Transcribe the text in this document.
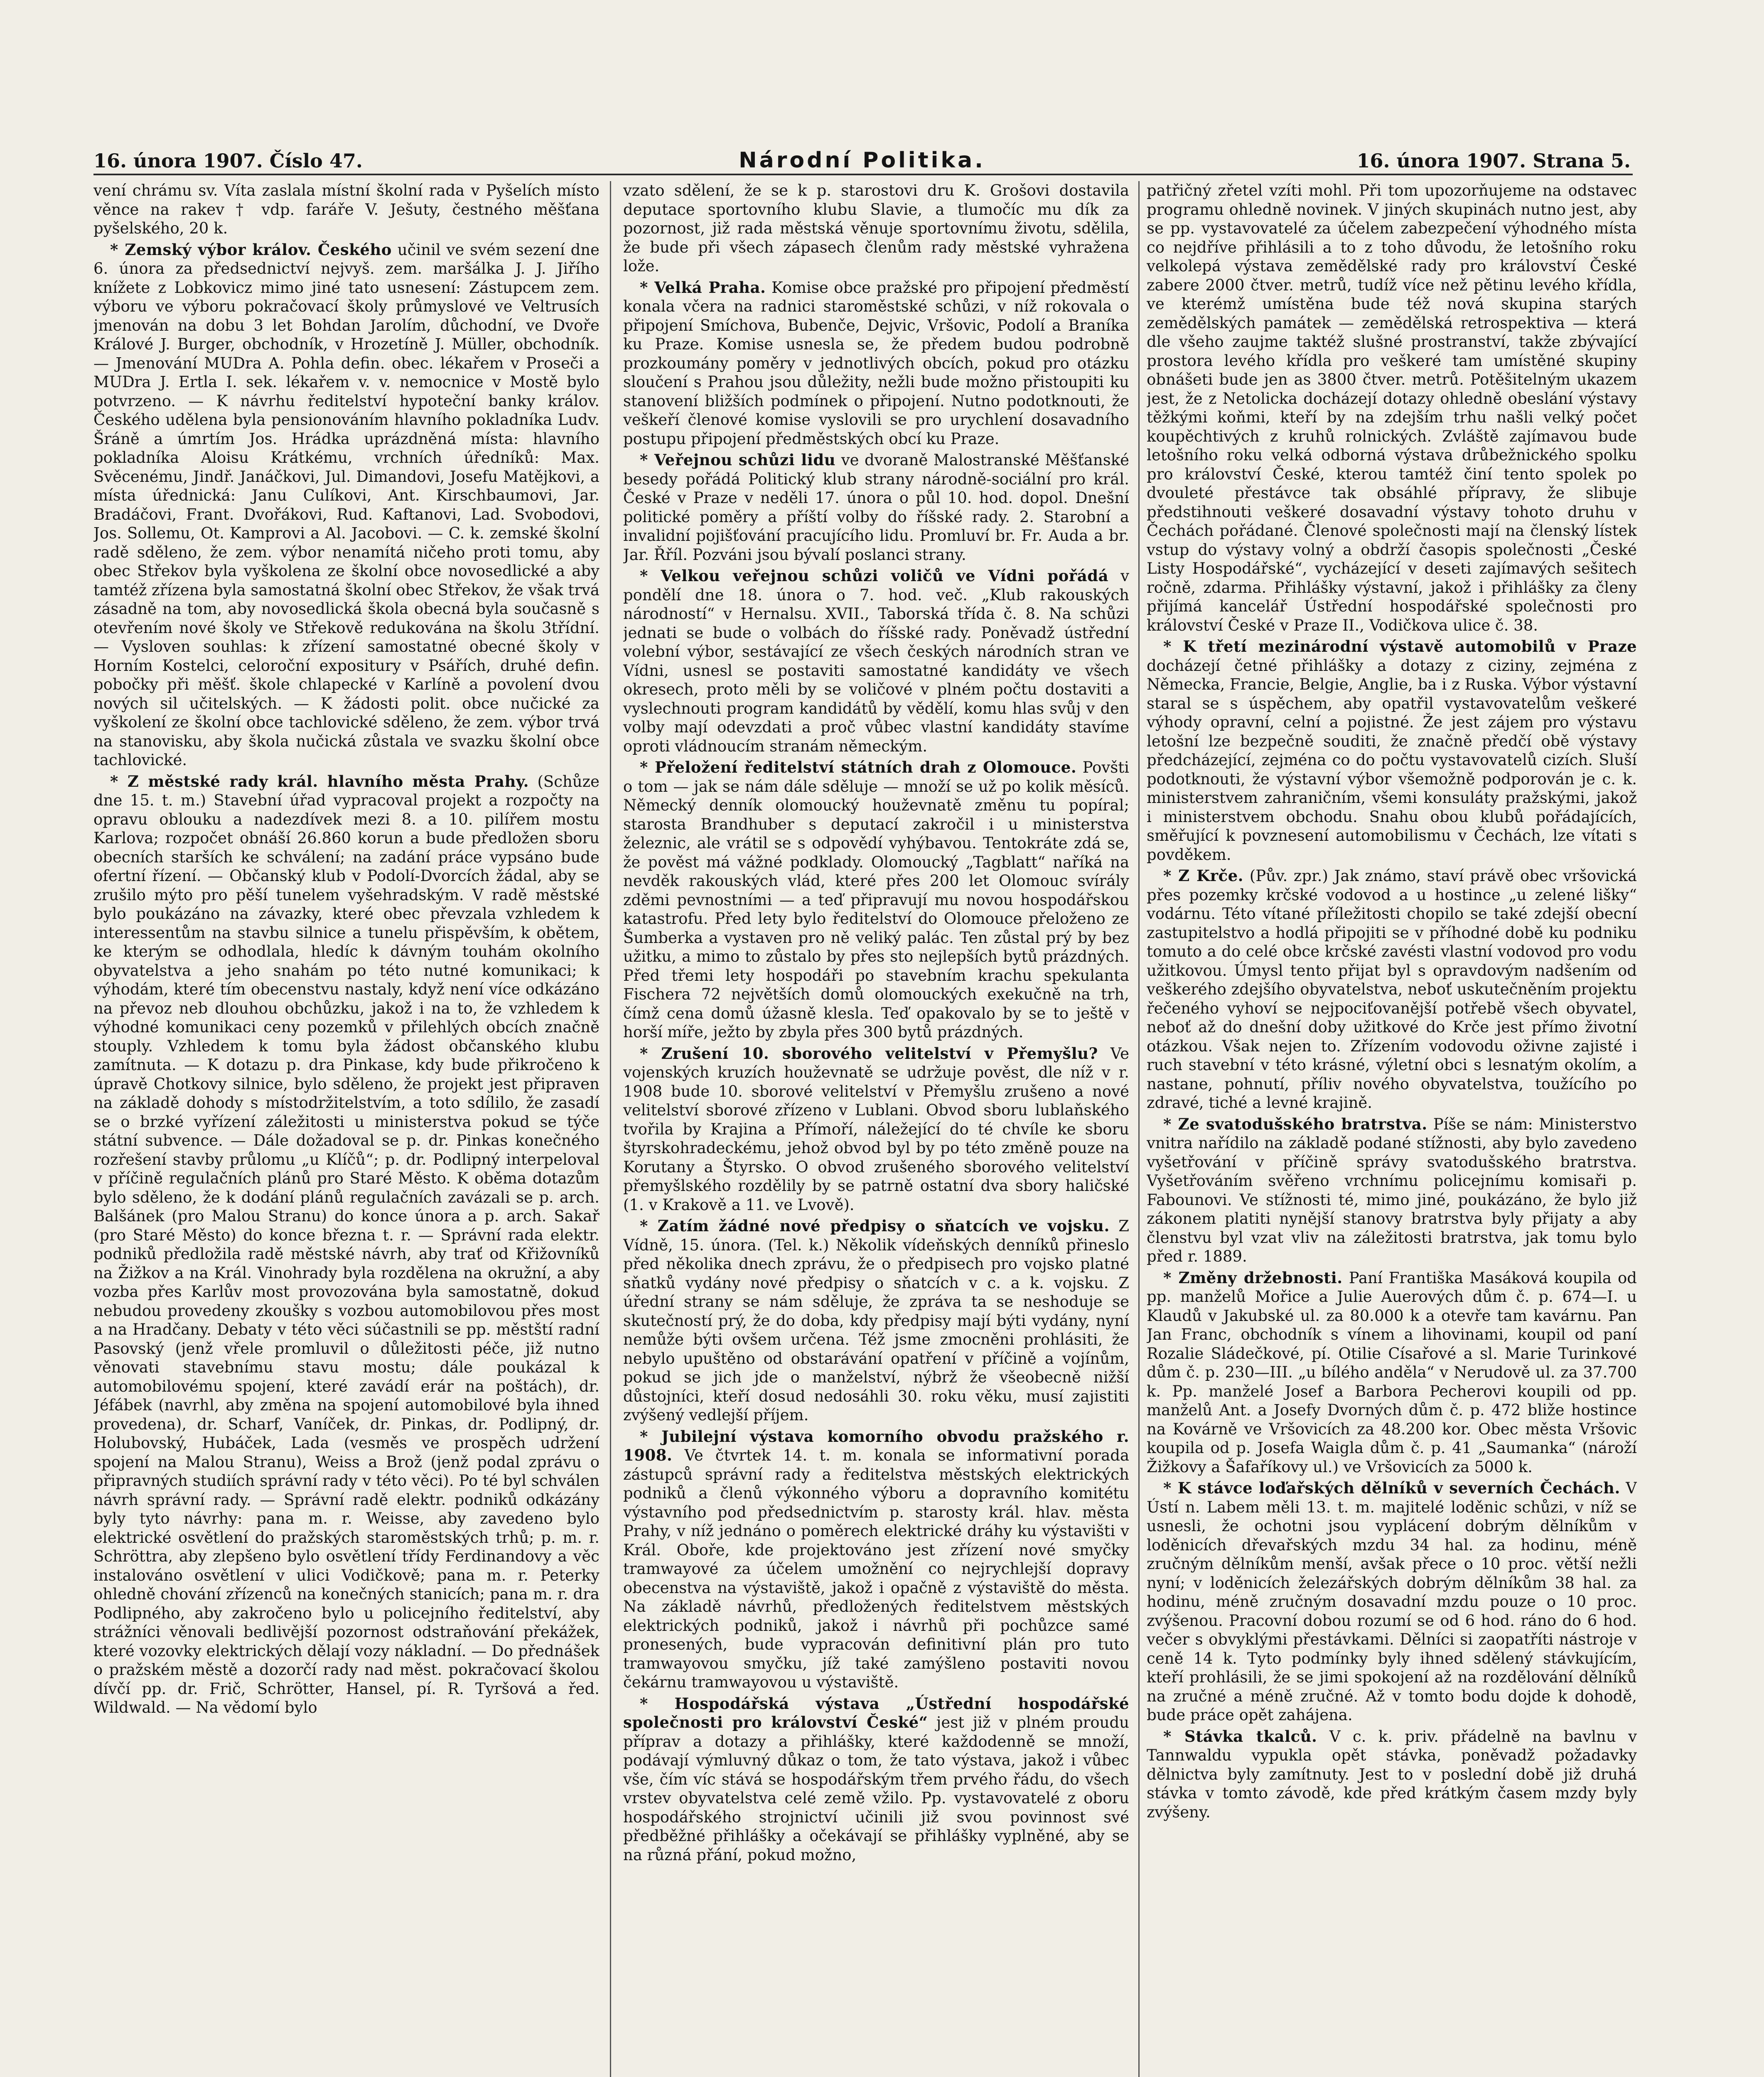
16. února 1907. Číslo 47.	Národní Politika.	16. února 1907. Strana 5.

vení chrámu sv. Víta zaslala místní školní rada v Pyšelích místo věnce na rakev † vdp. faráře V. Ješuty, čestného měšťana pyšelského, 20 k.

* Zemský výbor králov. Českého učinil ve svém sezení dne 6. února za předsednictví nejvyš. zem. maršálka J. J. Jiřího knížete z Lobkovicz mimo jiné tato usnesení: Zástupcem zem. výboru ve výboru pokračovací školy průmyslové ve Veltrusích jmenován na dobu 3 let Bohdan Jarolím, důchodní, ve Dvoře Králové J. Burger, obchodník, v Hrozetíně J. Müller, obchodník. — Jmenování MUDra A. Pohla defin. obec. lékařem v Proseči a MUDra J. Ertla I. sek. lékařem v. v. nemocnice v Mostě bylo potvrzeno. — K návrhu ředitelství hypoteční banky králov. Českého udělena byla pensionováním hlavního pokladníka Ludv. Šráně a úmrtím Jos. Hrádka uprázdněná místa: hlavního pokladníka Aloisu Krátkému, vrchních úředníků: Max. Svěcenému, Jindř. Janáčkovi, Jul. Dimandovi, Josefu Matějkovi, a místa úřednická: Janu Culíkovi, Ant. Kirschbaumovi, Jar. Bradáčovi, Frant. Dvořákovi, Rud. Kaftanovi, Lad. Svobodovi, Jos. Sollemu, Ot. Kamprovi a Al. Jacobovi. — C. k. zemské školní radě sděleno, že zem. výbor nenamítá ničeho proti tomu, aby obec Střekov byla vyškolena ze školní obce novosedlické a aby tamtéž zřízena byla samostatná školní obec Střekov, že však trvá zásadně na tom, aby novosedlická škola obecná byla současně s otevřením nové školy ve Střekově redukována na školu 3třídní. — Vysloven souhlas: k zřízení samostatné obecné školy v Horním Kostelci, celoroční expositury v Psářích, druhé defin. pobočky při měšť. škole chlapecké v Karlíně a povolení dvou nových sil učitelských. — K žádosti polit. obce nučické za vyškolení ze školní obce tachlovické sděleno, že zem. výbor trvá na stanovisku, aby škola nučická zůstala ve svazku školní obce tachlovické.

* Z městské rady král. hlavního města Prahy. (Schůze dne 15. t. m.) Stavební úřad vypracoval projekt a rozpočty na opravu oblouku a nadezdívek mezi 8. a 10. pilířem mostu Karlova; rozpočet obnáší 26.860 korun a bude předložen sboru obecních starších ke schválení; na zadání práce vypsáno bude ofertní řízení. — Občanský klub v Podolí-Dvorcích žádal, aby se zrušilo mýto pro pěší tunelem vyšehradským. V radě městské bylo poukázáno na závazky, které obec převzala vzhledem k interessentům na stavbu silnice a tunelu přispěvším, k obětem, ke kterým se odhodlala, hledíc k dávným touhám okolního obyvatelstva a jeho snahám po této nutné komunikaci; k výhodám, které tím obecenstvu nastaly, když není více odkázáno na převoz neb dlouhou obchůzku, jakož i na to, že vzhledem k výhodné komunikaci ceny pozemků v přilehlých obcích značně stouply. Vzhledem k tomu byla žádost občanského klubu zamítnuta. — K dotazu p. dra Pinkase, kdy bude přikročeno k úpravě Chotkovy silnice, bylo sděleno, že projekt jest připraven na základě dohody s místodržitelstvím, a toto sdílilo, že zasadí se o brzké vyřízení záležitosti u ministerstva pokud se týče státní subvence. — Dále dožadoval se p. dr. Pinkas konečného rozřešení stavby průlomu „u Klíčů“; p. dr. Podlipný interpeloval v příčině regulačních plánů pro Staré Město. K oběma dotazům bylo sděleno, že k dodání plánů regulačních zavázali se p. arch. Balšánek (pro Malou Stranu) do konce února a p. arch. Sakař (pro Staré Město) do konce března t. r. — Správní rada elektr. podniků předložila radě městské návrh, aby trať od Křižovníků na Žižkov a na Král. Vinohrady byla rozdělena na okružní, a aby vozba přes Karlův most provozována byla samostatně, dokud nebudou provedeny zkoušky s vozbou automobilovou přes most a na Hradčany. Debaty v této věci súčastnili se pp. městští radní Pasovský (jenž vřele promluvil o důležitosti péče, již nutno věnovati stavebnímu stavu mostu; dále poukázal k automobilovému spojení, které zavádí erár na poštách), dr. Jéfábek (navrhl, aby změna na spojení automobilové byla ihned provedena), dr. Scharf, Vaníček, dr. Pinkas, dr. Podlipný, dr. Holubovský, Hubáček, Lada (vesměs ve prospěch udržení spojení na Malou Stranu), Weiss a Brož (jenž podal zprávu o připravných studiích správní rady v této věci). Po té byl schválen návrh správní rady. — Správní radě elektr. podniků odkázány byly tyto návrhy: pana m. r. Weisse, aby zavedeno bylo elektrické osvětlení do pražských staroměstských trhů; p. m. r. Schröttra, aby zlepšeno bylo osvětlení třídy Ferdinandovy a věc instalováno osvětlení v ulici Vodičkově; pana m. r. Peterky ohledně chování zřízenců na konečných stanicích; pana m. r. dra Podlipného, aby zakročeno bylo u policejního ředitelství, aby strážníci věnovali bedlivější pozornost odstraňování překážek, které vozovky elektrických dělají vozy nákladní. — Do přednášek o pražském městě a dozorčí rady nad měst. pokračovací školou dívčí pp. dr. Frič, Schrötter, Hansel, pí. R. Tyršová a řed. Wildwald. — Na vědomí bylo

vzato sdělení, že se k p. starostovi dru K. Grošovi dostavila deputace sportovního klubu Slavie, a tlumočíc mu dík za pozornost, již rada městská věnuje sportovnímu životu, sdělila, že bude při všech zápasech členům rady městské vyhražena lože.

* Velká Praha. Komise obce pražské pro připojení předměstí konala včera na radnici staroměstské schůzi, v níž rokovala o připojení Smíchova, Bubenče, Dejvic, Vršovic, Podolí a Braníka ku Praze. Komise usnesla se, že předem budou podrobně prozkoumány poměry v jednotlivých obcích, pokud pro otázku sloučení s Prahou jsou důležity, nežli bude možno přistoupiti ku stanovení bližších podmínek o připojení. Nutno podotknouti, že veškeří členové komise vyslovili se pro urychlení dosavadního postupu připojení předměstských obcí ku Praze.

* Veřejnou schůzi lidu ve dvoraně Malostranské Měšťanské besedy pořádá Politický klub strany národně-sociální pro král. České v Praze v neděli 17. února o půl 10. hod. dopol. Dnešní politické poměry a příští volby do říšské rady. 2. Starobní a invalidní pojišťování pracujícího lidu. Promluví br. Fr. Auda a br. Jar. Řříl. Pozváni jsou bývalí poslanci strany.

* Velkou veřejnou schůzi voličů ve Vídni pořádá v pondělí dne 18. února o 7. hod. več. „Klub rakouských národností“ v Hernalsu. XVII., Taborská třída č. 8. Na schůzi jednati se bude o volbách do říšské rady. Poněvadž ústřední volební výbor, sestávající ze všech českých národních stran ve Vídni, usnesl se postaviti samostatné kandidáty ve všech okresech, proto měli by se voličové v plném počtu dostaviti a vyslechnouti program kandidátů by vědělí, komu hlas svůj v den volby mají odevzdati a proč vůbec vlastní kandidáty stavíme oproti vládnoucím stranám německým.

* Přeložení ředitelství státních drah z Olomouce. Povšti o tom — jak se nám dále sděluje — množí se už po kolik měsíců. Německý denník olomoucký houževnatě změnu tu popíral; starosta Brandhuber s deputací zakročil i u ministerstva železnic, ale vrátil se s odpovědí vyhýbavou. Tentokráte zdá se, že pověst má vážné podklady. Olomoucký „Tagblatt“ naříká na nevděk rakouských vlád, které přes 200 let Olomouc svírály zděmi pevnostními — a teď připravují mu novou hospodářskou katastrofu. Před lety bylo ředitelství do Olomouce přeloženo ze Šumberka a vystaven pro ně veliký palác. Ten zůstal prý by bez užitku, a mimo to zůstalo by přes sto nejlepších bytů prázdných. Před třemi lety hospodáři po stavebním krachu spekulanta Fischera 72 největších domů olomouckých exekučně na trh, čímž cena domů úžasně klesla. Teď opakovalo by se to ještě v horší míře, ježto by zbyla přes 300 bytů prázdných.

* Zrušení 10. sborového velitelství v Přemyšlu? Ve vojenských kruzích houževnatě se udržuje pověst, dle níž v r. 1908 bude 10. sborové velitelství v Přemyšlu zrušeno a nové velitelství sborové zřízeno v Lublani. Obvod sboru lublaňského tvořila by Krajina a Přímoří, náležející do té chvíle ke sboru štyrskohradeckému, jehož obvod byl by po této změně pouze na Korutany a Štyrsko. O obvod zrušeného sborového velitelství přemyšlského rozdělily by se patrně ostatní dva sbory haličské (1. v Krakově a 11. ve Lvově).

* Zatím žádné nové předpisy o sňatcích ve vojsku. Z Vídně, 15. února. (Tel. k.) Několik vídeňských denníků přineslo před několika dnech zprávu, že o předpisech pro vojsko platné sňatků vydány nové předpisy o sňatcích v c. a k. vojsku. Z úřední strany se nám sděluje, že zpráva ta se neshoduje se skutečností prý, že do doba, kdy předpisy mají býti vydány, nyní nemůže býti ovšem určena. Též jsme zmocněni prohlásiti, že nebylo upuštěno od obstarávání opatření v příčině a vojínům, pokud se jich jde o manželství, nýbrž že všeobecně nižší důstojníci, kteří dosud nedosáhli 30. roku věku, musí zajistiti zvýšený vedlejší příjem.

* Jubilejní výstava komorního obvodu pražského r. 1908. Ve čtvrtek 14. t. m. konala se informativní porada zástupců správní rady a ředitelstva městských elektrických podniků a členů výkonného výboru a dopravního komitétu výstavního pod předsednictvím p. starosty král. hlav. města Prahy, v níž jednáno o poměrech elektrické dráhy ku výstavišti v Král. Oboře, kde projektováno jest zřízení nové smyčky tramwayové za účelem umožnění co nejrychlejší dopravy obecenstva na výstaviště, jakož i opačně z výstaviště do města. Na základě návrhů, předložených ředitelstvem městských elektrických podniků, jakož i návrhů při pochůzce samé pronesených, bude vypracován definitivní plán pro tuto tramwayovou smyčku, jíž také zamýšleno postaviti novou čekárnu tramwayovou u výstaviště.

* Hospodářská výstava „Ústřední hospodářské společnosti pro království České“ jest již v plném proudu příprav a dotazy a přihlášky, které každodenně se množí, podávají výmluvný důkaz o tom, že tato výstava, jakož i vůbec vše, čím víc stává se hospodářským třem prvého řádu, do všech vrstev obyvatelstva celé země vžilo. Pp. vystavovatelé z oboru hospodářského strojnictví učinili již svou povinnost své předběžné přihlášky a očekávají se přihlášky vyplněné, aby se na různá přání, pokud možno,

patřičný zřetel vzíti mohl. Při tom upozorňujeme na odstavec programu ohledně novinek. V jiných skupinách nutno jest, aby se pp. vystavovatelé za účelem zabezpečení výhodného místa co nejdříve přihlásili a to z toho důvodu, že letošního roku velkolepá výstava zemědělské rady pro království České zabere 2000 čtver. metrů, tudíž více než pětinu levého křídla, ve kterémž umístěna bude též nová skupina starých zemědělských památek — zemědělská retrospektiva — která dle všeho zaujme taktéž slušné prostranství, takže zbývající prostora levého křídla pro veškeré tam umístěné skupiny obnášeti bude jen as 3800 čtver. metrů. Potěšitelným ukazem jest, že z Netolicka docházejí dotazy ohledně obeslání výstavy těžkými koňmi, kteří by na zdejším trhu našli velký počet koupěchtivých z kruhů rolnických. Zvláště zajímavou bude letošního roku velká odborná výstava drůbežnického spolku pro království České, kterou tamtéž činí tento spolek po dvouleté přestávce tak obsáhlé přípravy, že slibuje předstihnouti veškeré dosavadní výstavy tohoto druhu v Čechách pořádané. Členové společnosti mají na členský lístek vstup do výstavy volný a obdrží časopis společnosti „České Listy Hospodářské“, vycházející v deseti zajímavých sešitech ročně, zdarma. Přihlášky výstavní, jakož i přihlášky za členy přijímá kancelář Ústřední hospodářské společnosti pro království České v Praze II., Vodičkova ulice č. 38.

* K třetí mezinárodní výstavě automobilů v Praze docházejí četné přihlášky a dotazy z ciziny, zejména z Německa, Francie, Belgie, Anglie, ba i z Ruska. Výbor výstavní staral se s úspěchem, aby opatřil vystavovatelům veškeré výhody opravní, celní a pojistné. Že jest zájem pro výstavu letošní lze bezpečně souditi, že značně předčí obě výstavy předcházející, zejména co do počtu vystavovatelů cizích. Sluší podotknouti, že výstavní výbor všemožně podporován je c. k. ministerstvem zahraničním, všemi konsuláty pražskými, jakož i ministerstvem obchodu. Snahu obou klubů pořádajících, směřující k povznesení automobilismu v Čechách, lze vítati s povděkem.

* Z Krče. (Pův. zpr.) Jak známo, staví právě obec vršovická přes pozemky krčské vodovod a u hostince „u zelené lišky“ vodárnu. Této vítané příležitosti chopilo se také zdejší obecní zastupitelstvo a hodlá připojiti se v příhodné době ku podniku tomuto a do celé obce krčské zavésti vlastní vodovod pro vodu užitkovou. Úmysl tento přijat byl s opravdovým nadšením od veškerého zdejšího obyvatelstva, neboť uskutečněním projektu řečeného vyhoví se nejpociťovanější potřebě všech obyvatel, neboť až do dnešní doby užitkové do Krče jest přímo životní otázkou. Však nejen to. Zřízením vodovodu oživne zajisté i ruch stavební v této krásné, výletní obci s lesnatým okolím, a nastane, pohnutí, příliv nového obyvatelstva, toužícího po zdravé, tiché a levné krajině.

* Ze svatodušského bratrstva. Píše se nám: Ministerstvo vnitra nařídilo na základě podané stížnosti, aby bylo zavedeno vyšetřování v příčině správy svatodušského bratrstva. Vyšetřováním svěřeno vrchnímu policejnímu komisaři p. Fabounovi. Ve stížnosti té, mimo jiné, poukázáno, že bylo již zákonem platiti nynější stanovy bratrstva byly přijaty a aby členstvu byl vzat vliv na záležitosti bratrstva, jak tomu bylo před r. 1889.

* Změny držebnosti. Paní Františka Masáková koupila od pp. manželů Mořice a Julie Auerových dům č. p. 674—I. u Klaudů v Jakubské ul. za 80.000 k a otevře tam kavárnu. Pan Jan Franc, obchodník s vínem a lihovinami, koupil od paní Rozalie Sládečkové, pí. Otilie Císařové a sl. Marie Turinkové dům č. p. 230—III. „u bílého anděla“ v Nerudově ul. za 37.700 k. Pp. manželé Josef a Barbora Pecherovi koupili od pp. manželů Ant. a Josefy Dvorných dům č. p. 472 bliže hostince na Kovárně ve Vršovicích za 48.200 kor. Obec města Vršovic koupila od p. Josefa Waigla dům č. p. 41 „Saumanka“ (nároží Žižkovy a Šafaříkovy ul.) ve Vršovicích za 5000 k.

* K stávce loďařských dělníků v severních Čechách. V Ústí n. Labem měli 13. t. m. majitelé loděnic schůzi, v níž se usnesli, že ochotni jsou vyplácení dobrým dělníkům v loděnicích dřevařských mzdu 34 hal. za hodinu, méně zručným dělníkům menší, avšak přece o 10 proc. větší nežli nyní; v loděnicích železářských dobrým dělníkům 38 hal. za hodinu, méně zručným dosavadní mzdu pouze o 10 proc. zvýšenou. Pracovní dobou rozumí se od 6 hod. ráno do 6 hod. večer s obvyklými přestávkami. Dělníci si zaopatříti nástroje v ceně 14 k. Tyto podmínky byly ihned sdělený stávkujícím, kteří prohlásili, že se jimi spokojení až na rozdělování dělníků na zručné a méně zručné. Až v tomto bodu dojde k dohodě, bude práce opět zahájena.

* Stávka tkalců. V c. k. priv. přádelně na bavlnu v Tannwaldu vypukla opět stávka, poněvadž požadavky dělnictva byly zamítnuty. Jest to v poslední době již druhá stávka v tomto závodě, kde před krátkým časem mzdy byly zvýšeny.
